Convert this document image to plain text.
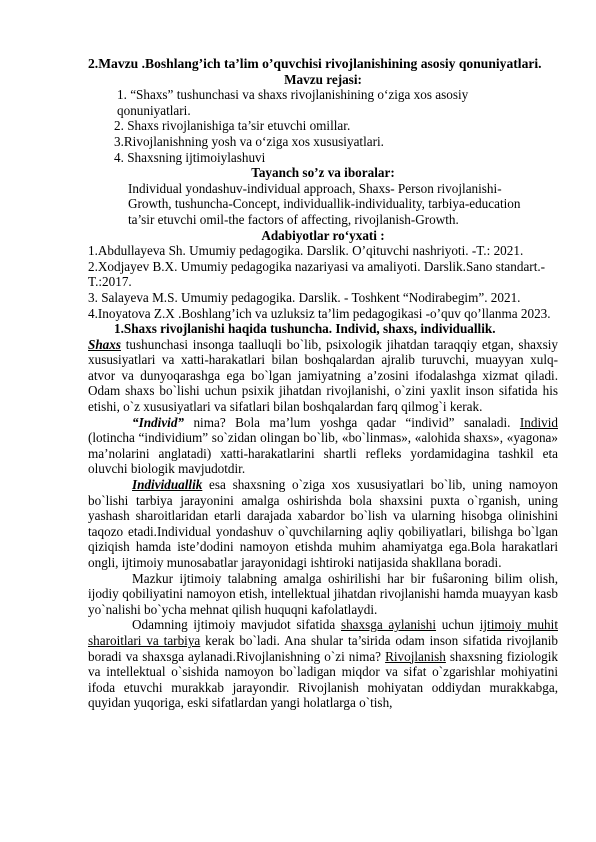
2.Mavzu .Boshlang’ich ta’lim o’quvchisi rivojlanishining asosiy qonuniyatlari.

Mavzu rejasi:

1. “Shaxs” tushunchasi va shaxs rivojlanishining o‘ziga xos asosiy

qonuniyatlari.

2. Shaxs rivojlanishiga ta’sir etuvchi omillar.

3.Rivojlanishning yosh va o‘ziga xos xususiyatlari.

4. Shaxsning ijtimoiylashuvi

Tayanch so’z va iboralar:

Individual yondashuv-individual approach, Shaxs- Person rivojlanishi-

Growth, tushuncha-Concept, individuallik-individuality, tarbiya-education

ta’sir etuvchi omil-the factors of affecting, rivojlanish-Growth.

Adabiyotlar ro‘yxati :

1.Abdullayeva Sh. Umumiy pedagogika. Darslik. O’qituvchi nashriyoti. -T.: 2021.

2.Xodjayev B.X. Umumiy pedagogika nazariyasi va amaliyoti. Darslik.Sano standart.-T.:2017.

3. Salayeva M.S. Umumiy pedagogika. Darslik. - Toshkent “Nodirabegim”. 2021.

4.Inoyatova Z.X .Boshlang’ich va uzluksiz ta’lim pedagogikasi -o’quv qo’llanma 2023.

1.Shaxs rivojlanishi haqida tushuncha. Individ, shaxs, individuallik.

Shaxs tushunchasi insonga taalluqli bo`lib, psixologik jihatdan taraqqiy etgan, shaxsiy xususiyatlari va xatti-harakatlari bilan boshqalardan ajralib turuvchi, muayyan xulq-atvor va dunyoqarashga ega bo`lgan jamiyatning a’zosini ifodalashga xizmat qiladi. Odam shaxs bo`lishi uchun psixik jihatdan rivojlanishi, o`zini yaxlit inson sifatida his etishi, o`z xususiyatlari va sifatlari bilan boshqalardan farq qilmog`i kerak.

“Individ” nima? Bola ma’lum yoshga qadar “individ” sanaladi. Individ (lotincha “individium” so`zidan olingan bo`lib, «bo`linmas», «alohida shaxs», «yagona» ma’nolarini anglatadi) xatti-harakatlarini shartli refleks yordamidagina tashkil eta oluvchi biologik mavjudotdir.

Individuallik esa shaxsning o`ziga xos xususiyatlari bo`lib, uning namoyon bo`lishi tarbiya jarayonini amalga oshirishda bola shaxsini puxta o`rganish, uning yashash sharoitlaridan etarli darajada xabardor bo`lish va ularning hisobga olinishini taqozo etadi.Individual yondashuv o`quvchilarning aqliy qobiliyatlari, bilishga bo`lgan qiziqish hamda iste’dodini namoyon etishda muhim ahamiyatga ega.Bola harakatlari ongli, ijtimoiy munosabatlar jarayonidagi ishtiroki natijasida shakllana boradi.

Mazkur ijtimoiy talabning amalga oshirilishi har bir fuŝaroning bilim olish, ijodiy qobiliyatini namoyon etish, intellektual jihatdan rivojlanishi hamda muayyan kasb yo`nalishi bo`ycha mehnat qilish huquqni kafolatlaydi.

Odamning ijtimoiy mavjudot sifatida shaxsga aylanishi uchun ijtimoiy muhit sharoitlari va tarbiya kerak bo`ladi. Ana shular ta’sirida odam inson sifatida rivojlanib boradi va shaxsga aylanadi.Rivojlanishning o`zi nima? Rivojlanish shaxsning fiziologik va intellektual o`sishida namoyon bo`ladigan miqdor va sifat o`zgarishlar mohiyatini ifoda etuvchi murakkab jarayondir. Rivojlanish mohiyatan oddiydan murakkabga, quyidan yuqoriga, eski sifatlardan yangi holatlarga o`tish,
